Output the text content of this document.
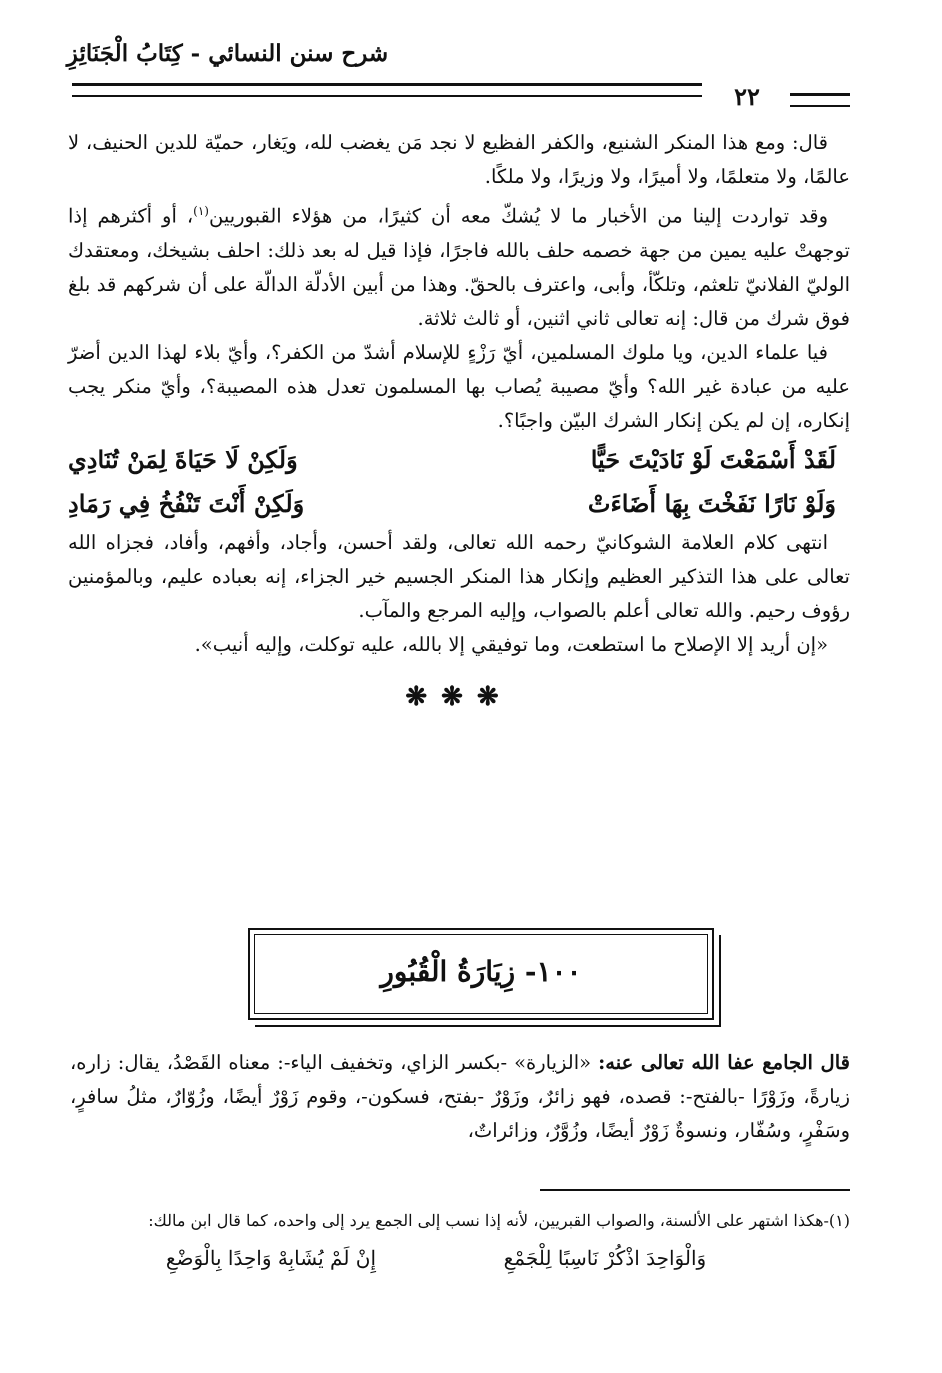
شرح سنن النسائي - كِتَابُ الْجَنَائِزِ
٢٢

قال: ومع هذا المنكر الشنيع، والكفر الفظيع لا نجد مَن يغضب لله، ويَغار، حميّة للدين الحنيف، لا عالمًا، ولا متعلمًا، ولا أميرًا، ولا وزيرًا، ولا ملكًا.

وقد تواردت إلينا من الأخبار ما لا يُشكّ معه أن كثيرًا، من هؤلاء القبوريين$^{(١)}$، أو أكثرهم إذا توجهتْ عليه يمين من جهة خصمه حلف بالله فاجرًا، فإذا قيل له بعد ذلك: احلف بشيخك، ومعتقدك الوليّ الفلانيّ تلعثم، وتلكّأ، وأبى، واعترف بالحقّ. وهذا من أبين الأدلّة الدالّة على أن شركهم قد بلغ فوق شرك من قال: إنه تعالى ثاني اثنين، أو ثالث ثلاثة.

فيا علماء الدين، ويا ملوك المسلمين، أيّ رَزْءٍ للإسلام أشدّ من الكفر؟، وأيّ بلاء لهذا الدين أضرّ عليه من عبادة غير الله؟ وأيّ مصيبة يُصاب بها المسلمون تعدل هذه المصيبة؟، وأيّ منكر يجب إنكاره، إن لم يكن إنكار الشرك البيّن واجبًا؟.

لَقَدْ أَسْمَعْتَ لَوْ نَادَيْتَ حَيًّا
وَلَكِنْ لَا حَيَاةَ لِمَنْ تُنَادِي
وَلَوْ نَارًا نَفَخْتَ بِهَا أَضَاءَتْ
وَلَكِنْ أَنْتَ تَنْفُخُ فِي رَمَادِ

انتهى كلام العلامة الشوكانيّ رحمه الله تعالى، ولقد أحسن، وأجاد، وأفهم، وأفاد، فجزاه الله تعالى على هذا التذكير العظيم وإنكار هذا المنكر الجسيم خير الجزاء، إنه بعباده عليم، وبالمؤمنين رؤوف رحيم. والله تعالى أعلم بالصواب، وإليه المرجع والمآب.

«إن أريد إلا الإصلاح ما استطعت، وما توفيقي إلا بالله، عليه توكلت، وإليه أنيب».

❋❋❋
١٠٠- زِيَارَةُ الْقُبُورِ

قال الجامع عفا الله تعالى عنه: «الزيارة» -بكسر الزاي، وتخفيف الياء-: معناه القَصْدُ، يقال: زاره، زيارةً، وزَوْرًا -بالفتح-: قصده، فهو زائرٌ، وزَوْرٌ -بفتح، فسكون-، وقوم زَوْرٌ أيضًا، وزُوّارٌ، مثلُ سافرٍ، وسَفْرٍ، وسُفّار، ونسوةٌ زَوْرٌ أيضًا، وزُوَّرٌ، وزائراتٌ،

(١)-هكذا اشتهر على الألسنة، والصواب القبريين، لأنه إذا نسب إلى الجمع يرد إلى واحده، كما قال ابن مالك:
وَالْوَاحِدَ اذْكُرْ نَاسِبًا لِلْجَمْعِ
إِنْ لَمْ يُشَابِهْ وَاحِدًا بِالْوَضْعِ
